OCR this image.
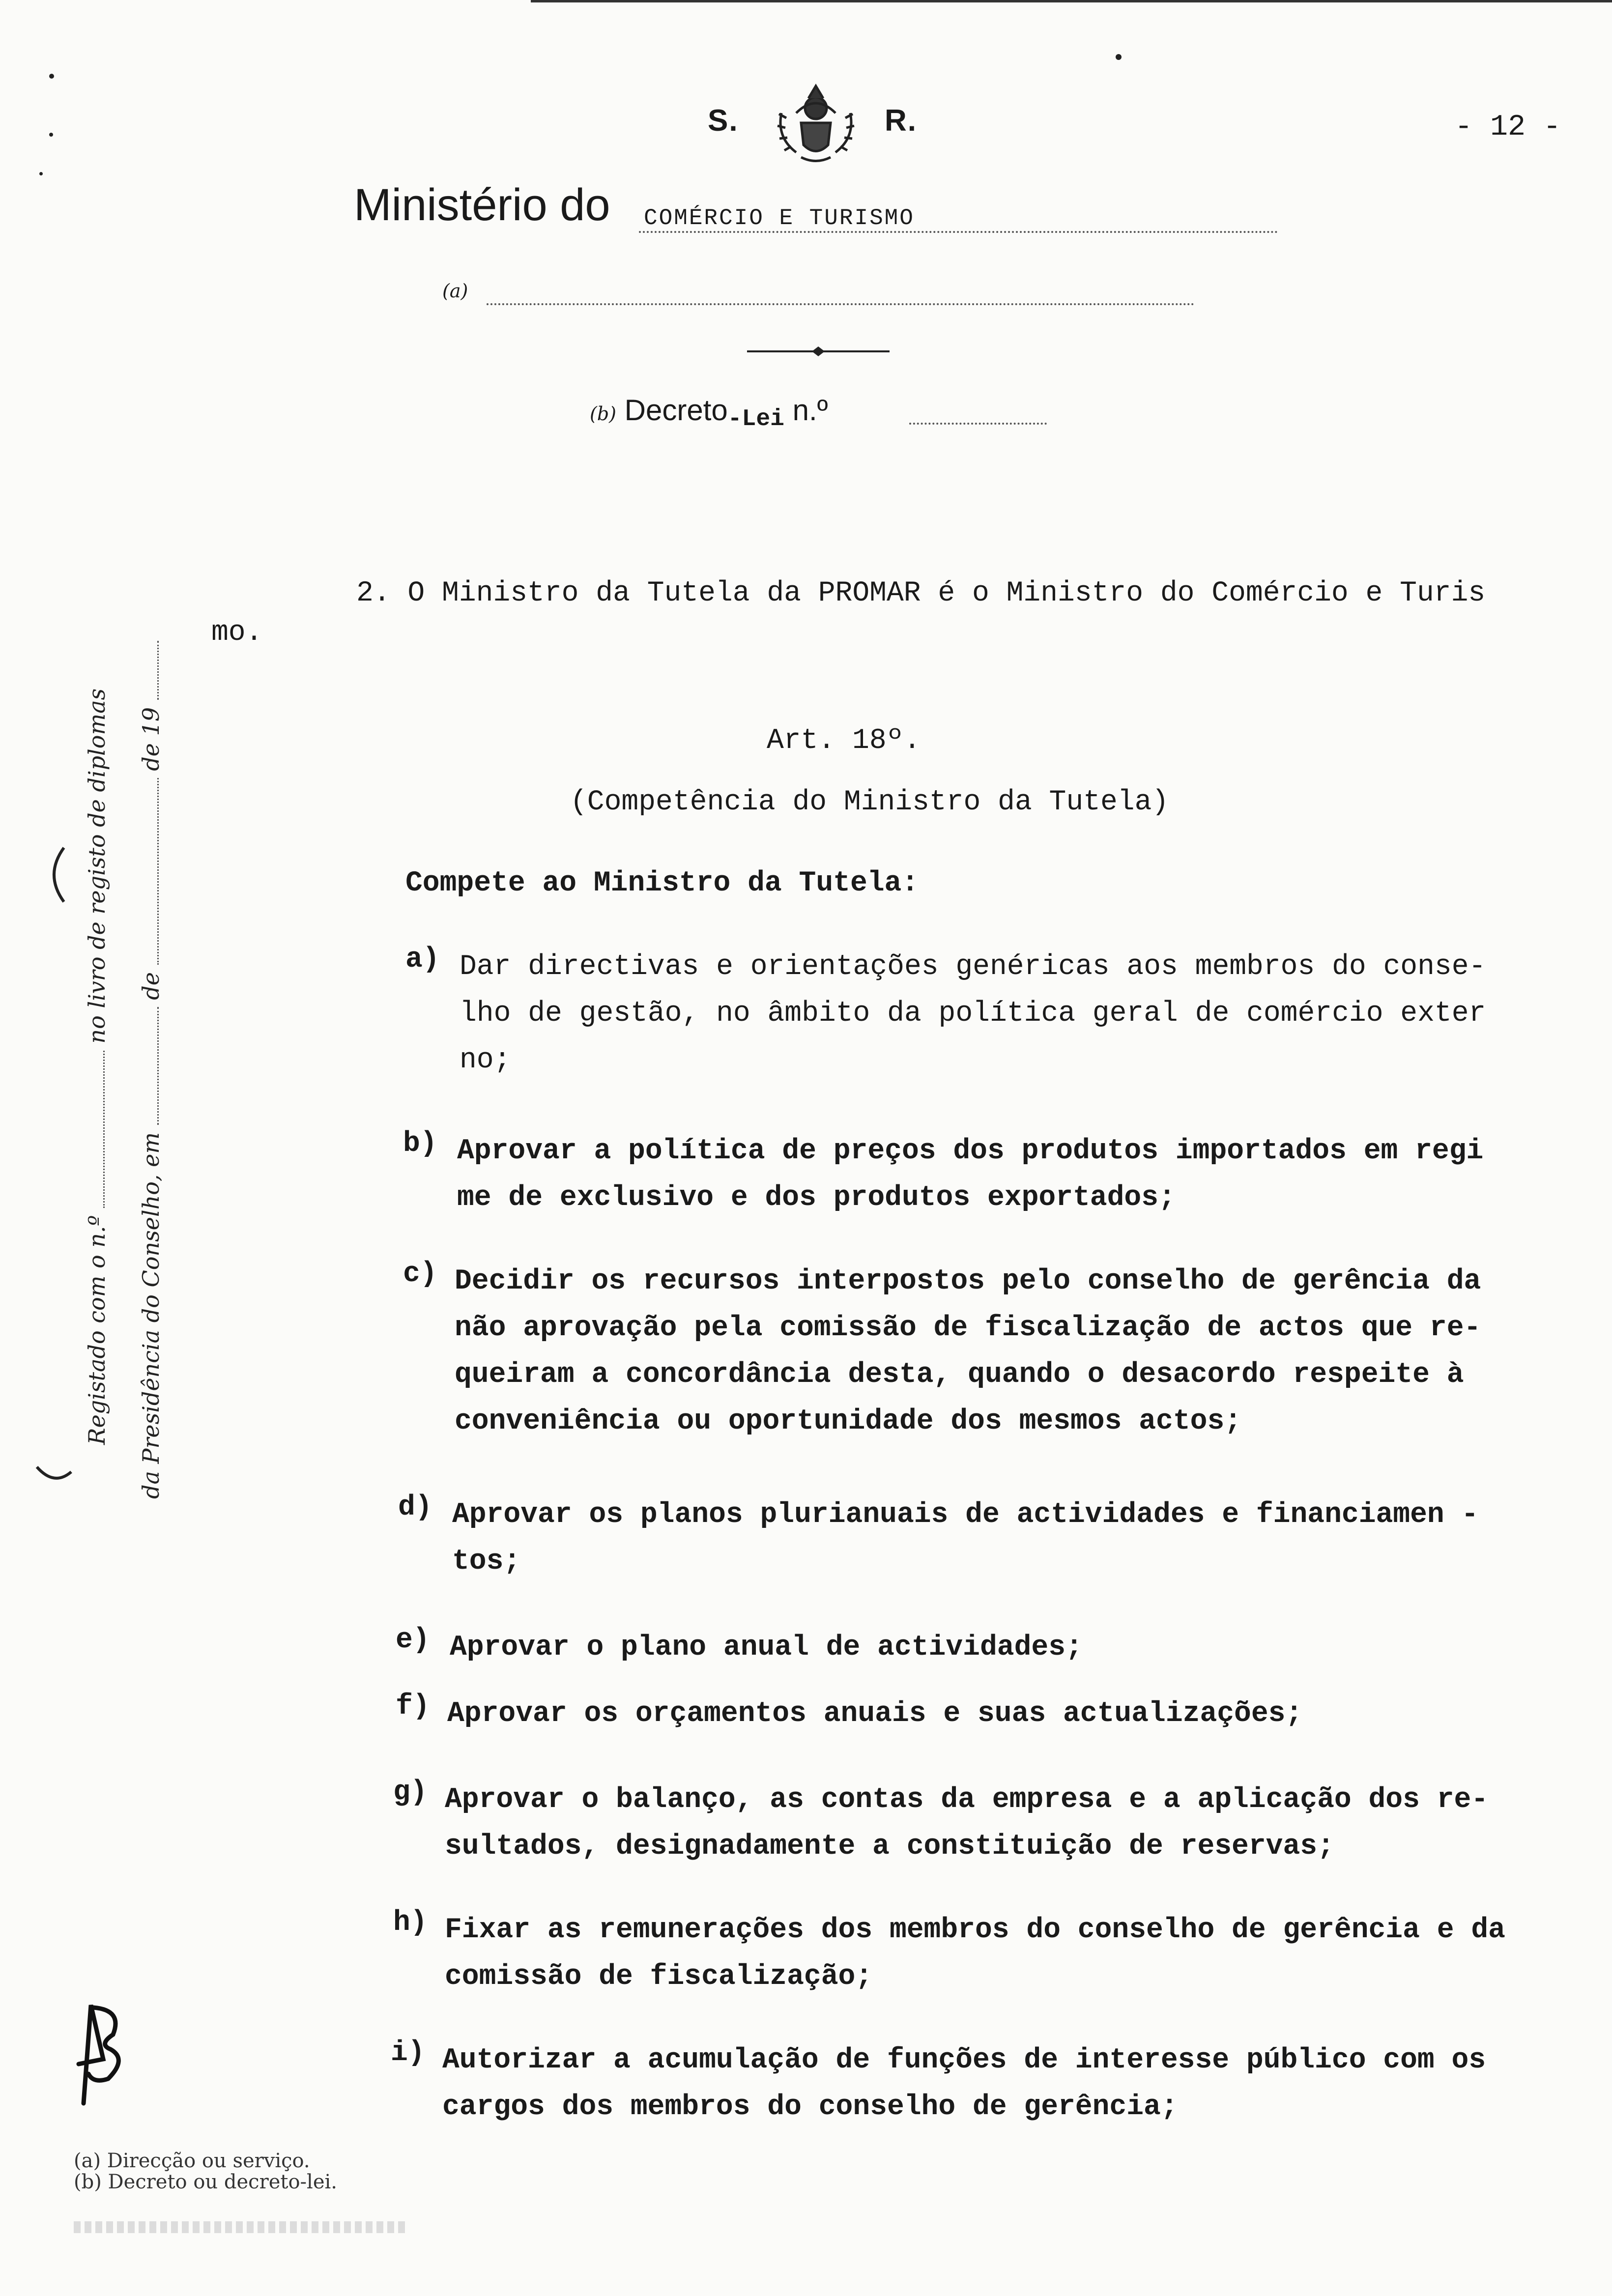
S.	R.	- 12 -
Ministério do COMÉRCIO E TURISMO
(a)
(b) Decreto-Lei n.º
Registado com o n.º  no livro de registo de diplomas
da Presidência do Conselho, em  de  de 19
2. O Ministro da Tutela da PROMAR é o Ministro do Comércio e Turis
mo.
Art. 18º.
(Competência do Ministro da Tutela)
Compete ao Ministro da Tutela:
a) Dar directivas e orientações genéricas aos membros do conse-
lho de gestão, no âmbito da política geral de comércio exter
no;
b) Aprovar a política de preços dos produtos importados em regi
me de exclusivo e dos produtos exportados;
c) Decidir os recursos interpostos pelo conselho de gerência da
não aprovação pela comissão de fiscalização de actos que re-
queiram a concordância desta, quando o desacordo respeite à
conveniência ou oportunidade dos mesmos actos;
d) Aprovar os planos plurianuais de actividades e financiamen -
tos;
e) Aprovar o plano anual de actividades;
f) Aprovar os orçamentos anuais e suas actualizações;
g) Aprovar o balanço, as contas da empresa e a aplicação dos re-
sultados, designadamente a constituição de reservas;
h) Fixar as remunerações dos membros do conselho de gerência e da
comissão de fiscalização;
i) Autorizar a acumulação de funções de interesse público com os
cargos dos membros do conselho de gerência;
(a) Direcção ou serviço.
(b) Decreto ou decreto-lei.
